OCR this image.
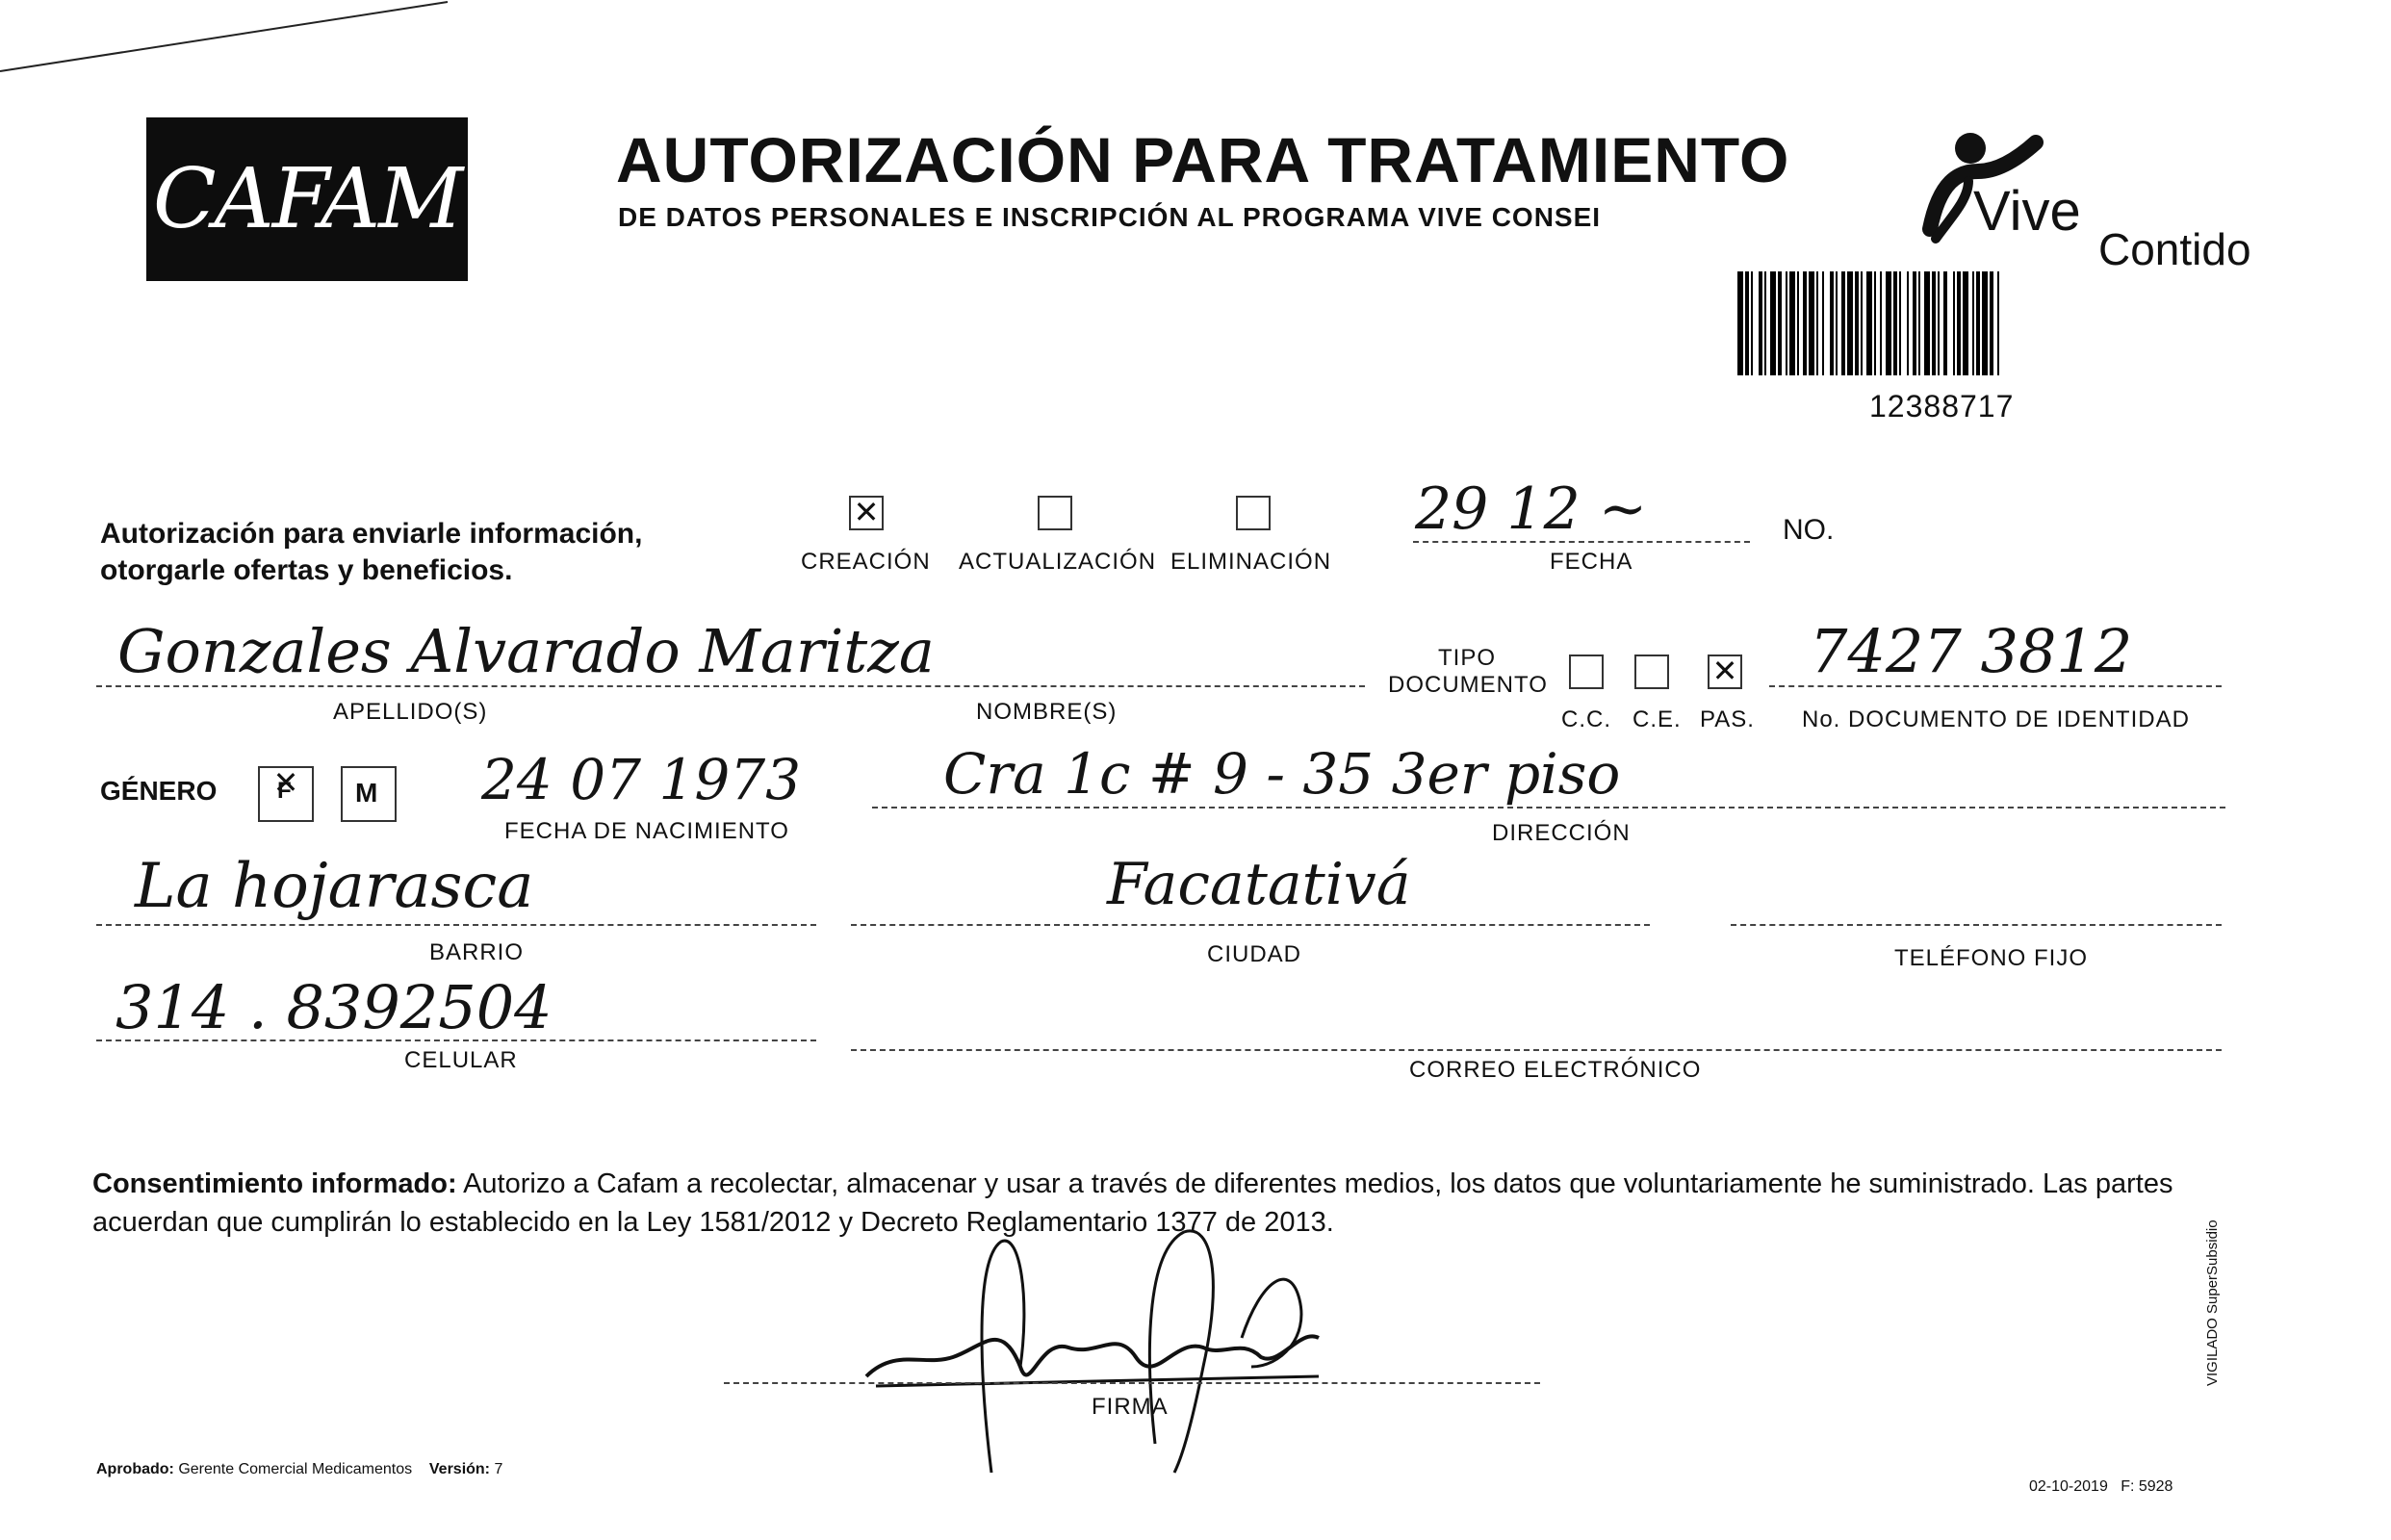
CAFAM AUTORIZACIÓN PARA TRATAMIENTO
DE DATOS PERSONALES E INSCRIPCIÓN AL PROGRAMA VIVE CONSEI	Vive
Contido
12388717
Autorización para enviarle información,
otorgarle ofertas y beneficios.
✕	CREACIÓN ACTUALIZACIÓN ELIMINACIÓN
29 12 ~
FECHA
NO.
Gonzales Alvarado Maritza
APELLIDO(S)	NOMBRE(S)
TIPO
DOCUMENTO
C.C. C.E.
✕ PAS.
7427 3812
No. DOCUMENTO DE IDENTIDAD
GÉNERO
✕	F M 24 07 1973
FECHA DE NACIMIENTO
Cra 1c # 9 - 35 3er piso
DIRECCIÓN
La hojarasca
BARRIO
Facatativá
CIUDAD	TELÉFONO FIJO
314 . 8392504
CELULAR	CORREO ELECTRÓNICO
Consentimiento informado: Autorizo a Cafam a recolectar, almacenar y usar a través de diferentes medios, los datos que voluntariamente he suministrado. Las partes acuerdan que cumplirán lo establecido en la Ley 1581/2012 y Decreto Reglamentario 1377 de 2013.
FIRMA
Aprobado: Gerente Comercial Medicamentos Versión: 7
02-10-2019 F: 5928
VIGILADO SuperSubsidio
